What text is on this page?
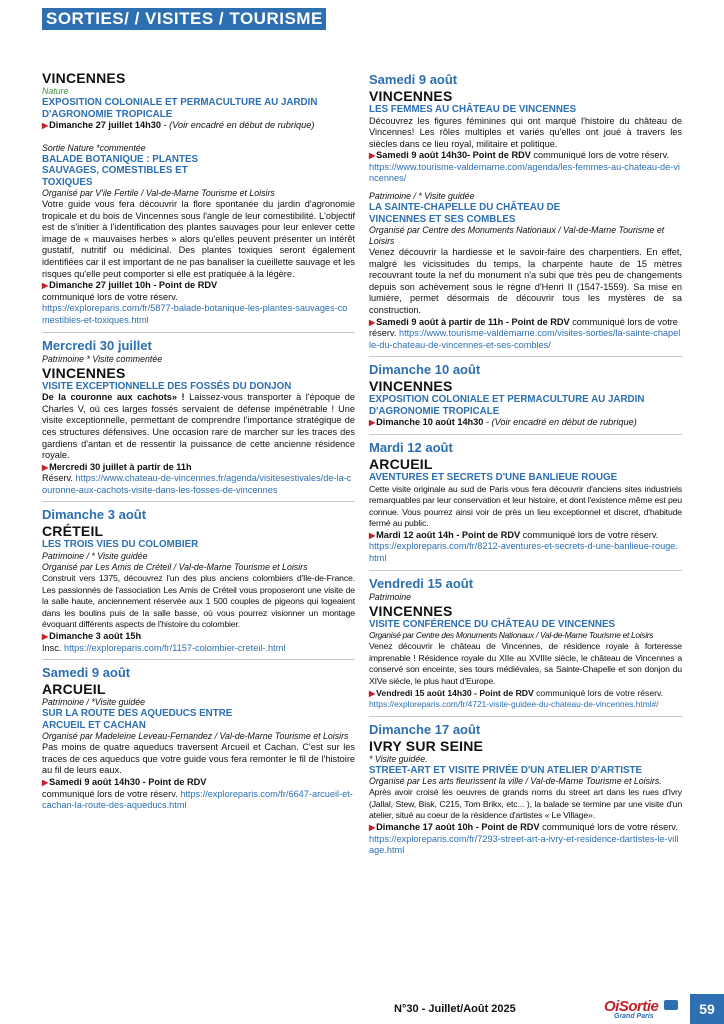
SORTIES/ / VISITES / TOURISME
VINCENNES
Nature
EXPOSITION COLONIALE ET PERMACULTURE AU JARDIN D'AGRONOMIE TROPICALE
▶ Dimanche 27 juillet 14h30 - (Voir encadré en début de rubrique)
Sortie Nature *commentée
BALADE BOTANIQUE : PLANTES SAUVAGES, COMESTIBLES ET TOXIQUES
Organisé par V'ile Fertile / Val-de-Marne Tourisme et Loisirs
Votre guide vous fera découvrir la flore spontanée du jardin d'agronomie tropicale et du bois de Vincennes sous l'angle de leur comestibilité. L'objectif est de s'initier à l'identification des plantes sauvages pour leur enlever cette image de « mauvaises herbes » alors qu'elles peuvent présenter un intérêt gustatif, nutritif ou médicinal. Des plantes toxiques seront également identifiées car il est important de ne pas banaliser la cueillette sauvage et les risques qu'elle peut comporter si elle est pratiquée à la légère.
▶ Dimanche 27 juillet 10h - Point de RDV
communiqué lors de votre réserv.
https://exploreparis.com/fr/5877-balade-botanique-les-plantes-sauvages-comestibles-et-toxiques.html
Mercredi 30 juillet
Patrimoine * Visite commentée
VINCENNES
VISITE EXCEPTIONNELLE DES FOSSÉS DU DONJON
De la couronne aux cachots» ! Laissez-vous transporter à l'époque de Charles V, où ces larges fossés servaient de défense impénétrable ! Une visite exceptionnelle, permettant de comprendre l'importance stratégique de ces structures défensives. Une occasion rare de marcher sur les traces des gardiens d'antan et de ressentir la puissance de cette ancienne résidence royale.
▶ Mercredi 30 juillet à partir de 11h
Réserv. https://www.chateau-de-vincennes.fr/agenda/visitesestivales/de-la-couronne-aux-cachots-visite-dans-les-fosses-de-vincennes
Dimanche 3 août
CRÉTEIL
LES TROIS VIES DU COLOMBIER
Patrimoine / * Visite guidée
Organisé par Les Amis de Créteil / Val-de-Marne Tourisme et Loisirs
Construit vers 1375, découvrez l'un des plus anciens colombiers d'Ile-de-France. Les passionnés de l'association Les Amis de Créteil vous proposeront une visite de la salle haute, anciennement réservée aux 1 500 couples de pigeons qui logeaient dans les boulins puis de la salle basse, où vous pourrez visionner un montage évoquant différents aspects de l'histoire du colombier.
▶ Dimanche 3 août 15h
Insc. https://exploreparis.com/fr/1157-colombier-creteil-.html
Samedi 9 août
ARCUEIL
Patrimoine / *Visite guidée
SUR LA ROUTE DES AQUEDUCS ENTRE ARCUEIL ET CACHAN
Organisé par Madeleine Leveau-Fernandez / Val-de-Marne Tourisme et Loisirs
Pas moins de quatre aqueducs traversent Arcueil et Cachan. C'est sur les traces de ces aqueducs que votre guide vous fera remonter le fil de l'histoire au fil de leurs eaux.
▶ Samedi 9 août 14h30 - Point de RDV
communiqué lors de votre réserv. https://exploreparis.com/fr/6647-arcueil-et-cachan-la-route-des-aqueducs.html
Samedi 9 août
VINCENNES
LES FEMMES AU CHÂTEAU DE VINCENNES
Découvrez les figures féminines qui ont marqué l'histoire du château de Vincennes! Les rôles multiples et variés qu'elles ont joué à travers les siècles dans ce lieu royal, militaire et politique.
▶ Samedi 9 août 14h30- Point de RDV communiqué lors de votre réserv.
https://www.tourisme-valdemarne.com/agenda/les-femmes-au-chateau-de-vincennes/
Patrimoine / * Visite guidée
LA SAINTE-CHAPELLE DU CHÂTEAU DE VINCENNES ET SES COMBLES
Organisé par Centre des Monuments Nationaux / Val-de-Marne Tourisme et Loisirs
Venez découvrir la hardiesse et le savoir-faire des charpentiers. En effet, malgré les vicissitudes du temps, la charpente haute de 15 mètres recouvrant toute la nef du monument n'a subi que très peu de changements depuis son achèvement sous le règne d'Henri II (1547-1559). Sa mise en lumière, permet désormais de découvrir tous les mystères de sa construction.
▶ Samedi 9 août à partir de 11h - Point de RDV communiqué lors de votre réserv. https://www.tourisme-valdemarne.com/visites-sorties/la-sainte-chapelle-du-chateau-de-vincennes-et-ses-combles/
Dimanche 10 août
VINCENNES
EXPOSITION COLONIALE ET PERMACULTURE AU JARDIN D'AGRONOMIE TROPICALE
▶ Dimanche 10 août 14h30 - (Voir encadré en début de rubrique)
Mardi 12 août
ARCUEIL
AVENTURES ET SECRETS D'UNE BANLIEUE ROUGE
Cette visite originale au sud de Paris vous fera découvrir d'anciens sites industriels remarquables par leur conservation et leur histoire, et dont l'existence même est peu connue. Vous pourrez ainsi voir de près un lieu exceptionnel et discret, d'habitude fermé au public.
▶ Mardi 12 août 14h - Point de RDV communiqué lors de votre réserv.
https://exploreparis.com/fr/8212-aventures-et-secrets-d-une-banlieue-rouge.html
Vendredi 15 août
Patrimoine
VINCENNES
VISITE CONFÉRENCE DU CHÂTEAU DE VINCENNES
Organisé par Centre des Monuments Nationaux / Val-de-Marne Tourisme et Loisirs
Venez découvrir le château de Vincennes, de résidence royale à forteresse imprenable ! Résidence royale du XIIe au XVIIIe siècle, le château de Vincennes a conservé son enceinte, ses tours médiévales, sa Sainte-Chapelle et son donjon du XIVe siècle, le plus haut d'Europe.
▶ Vendredi 15 août 14h30 - Point de RDV communiqué lors de votre réserv.
https://exploreparis.com/fr/4721-visite-guidee-du-chateau-de-vincennes.html#/
Dimanche 17 août
IVRY SUR SEINE
* Visite guidée.
STREET-ART ET VISITE PRIVÉE D'UN ATELIER D'ARTISTE
Organisé par Les arts fleurissent la ville / Val-de-Marne Tourisme et Loisirs.
Après avoir croisé les oeuvres de grands noms du street art dans les rues d'Ivry (Jallal, Stew, Bisk, C215, Tom Brikx, etc... ), la balade se termine par une visite d'un atelier, situé au coeur de la résidence d'artistes « Le Village».
▶ Dimanche 17 août 10h - Point de RDV communiqué lors de votre réserv.
https://exploreparis.com/fr/7293-street-art-a-ivry-et-residence-dartistes-le-village.html
N°30 - Juillet/Août 2025	OiSortie
Grand Paris	59
